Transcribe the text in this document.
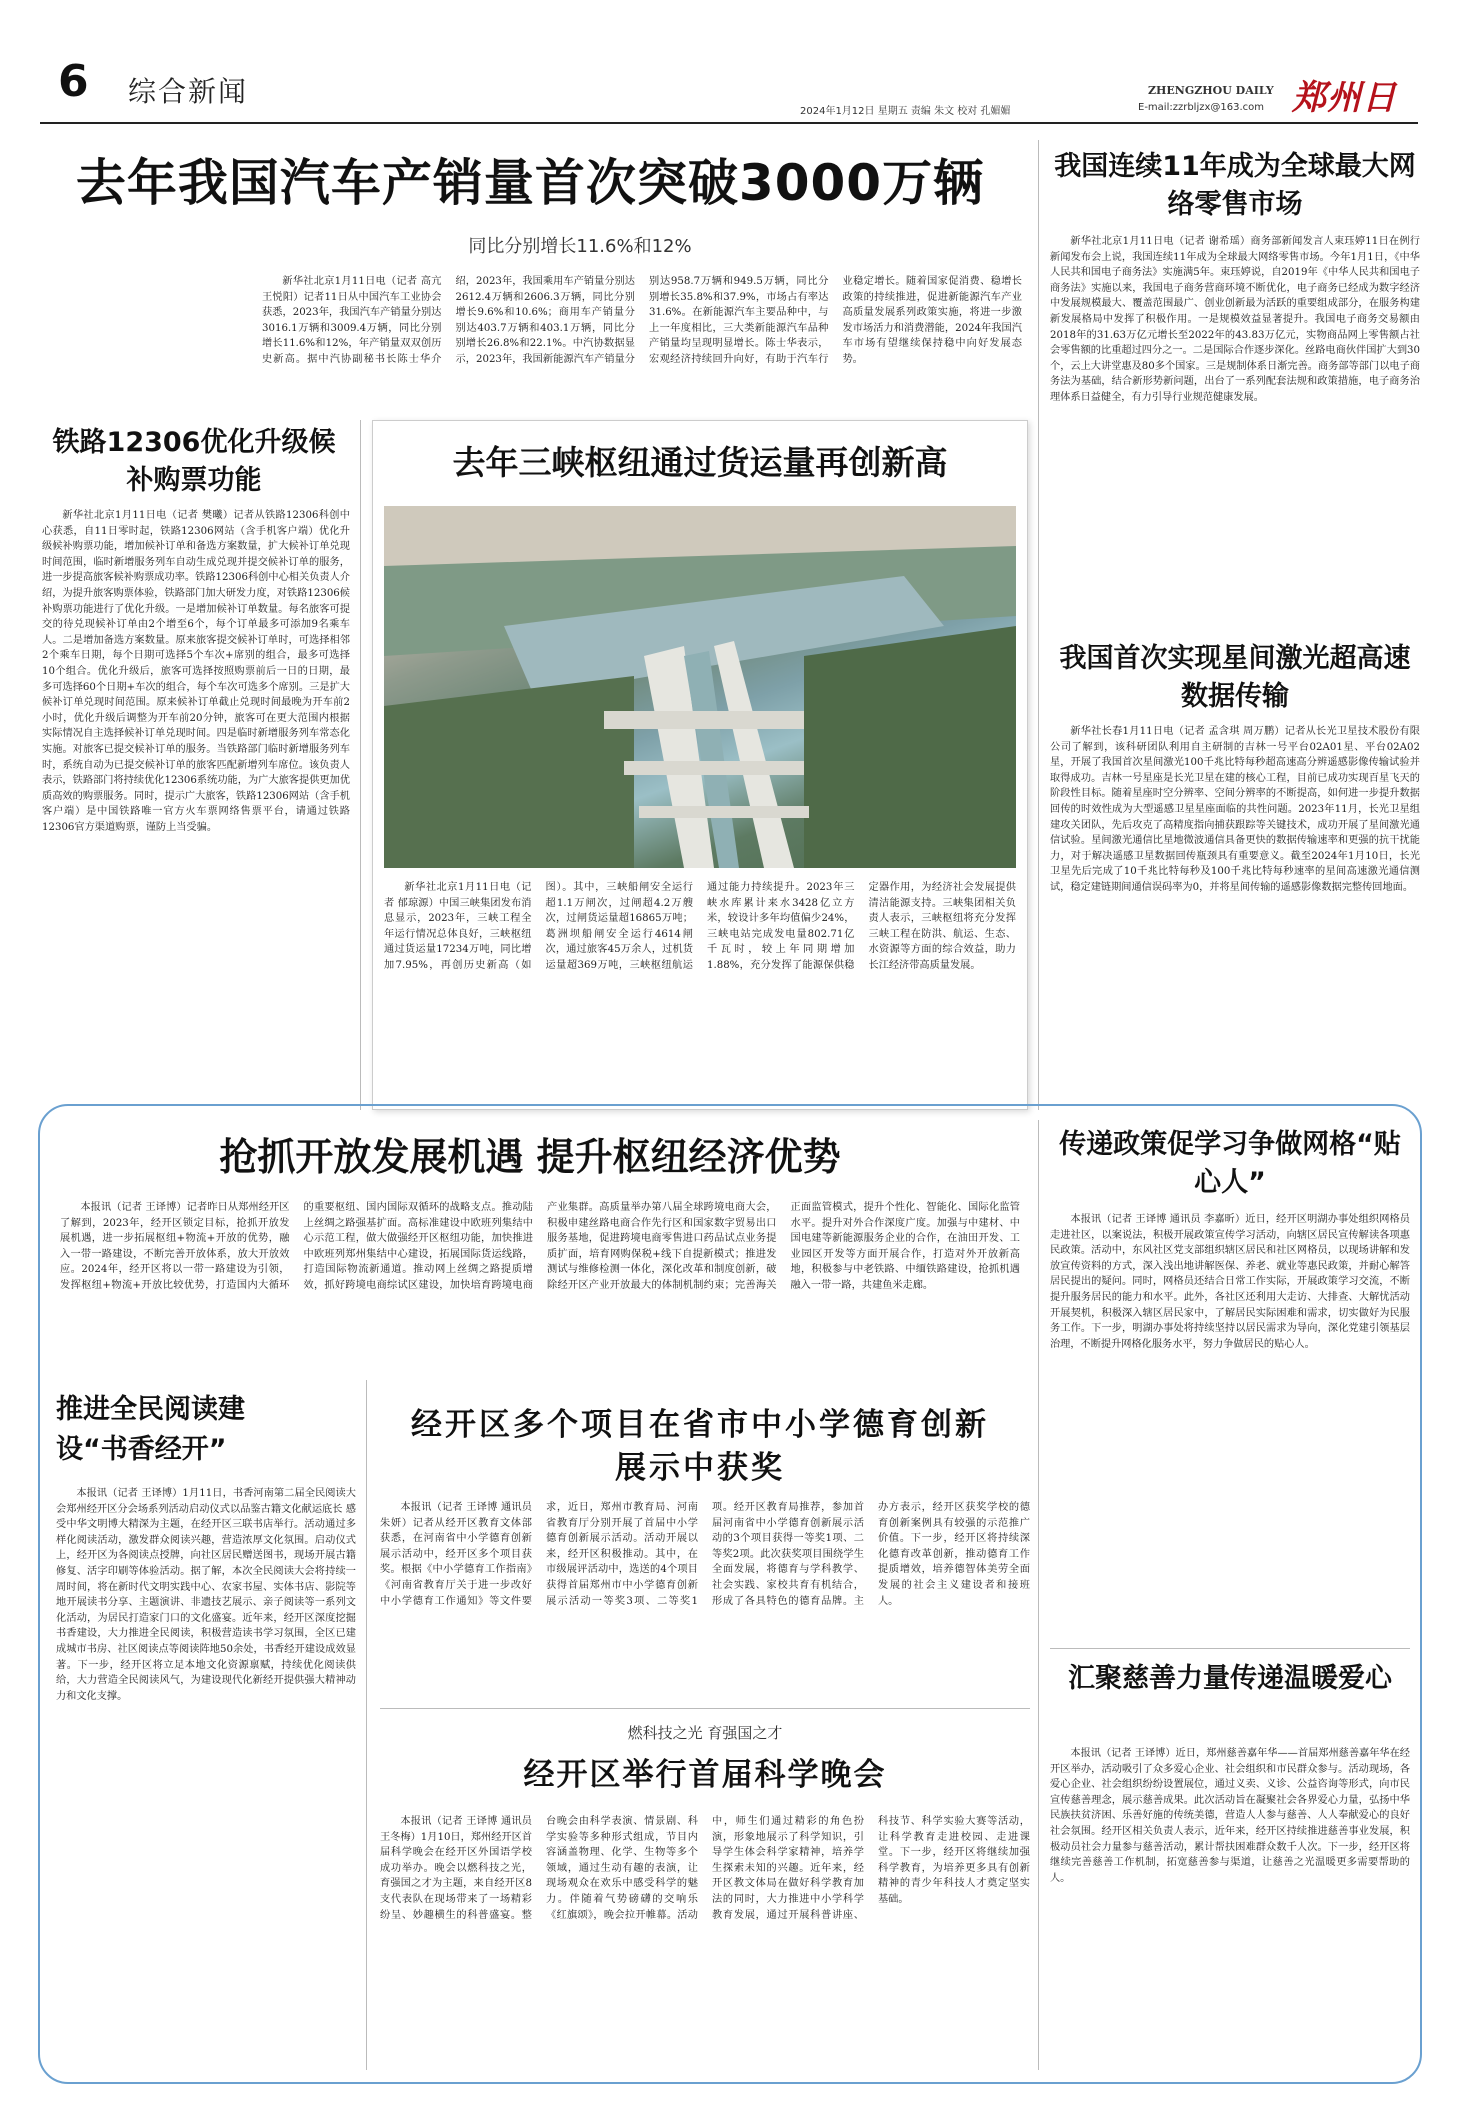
6 综合新闻
2024年1月12日 星期五 责编 朱文 校对 孔媚媚
ZHENGZHOU DAILY
E-mail:zzrbljzx@163.com 郑州日
去年我国汽车产销量首次突破3000万辆
同比分别增长11.6%和12%

新华社北京1月11日电（记者 高亢 王悦阳）记者11日从中国汽车工业协会获悉，2023年，我国汽车产销量分别达3016.1万辆和3009.4万辆，同比分别增长11.6%和12%，年产销量双双创历史新高。据中汽协副秘书长陈士华介绍，2023年，我国乘用车产销量分别达2612.4万辆和2606.3万辆，同比分别增长9.6%和10.6%；商用车产销量分别达403.7万辆和403.1万辆，同比分别增长26.8%和22.1%。中汽协数据显示，2023年，我国新能源汽车产销量分别达958.7万辆和949.5万辆，同比分别增长35.8%和37.9%，市场占有率达31.6%。在新能源汽车主要品种中，与上一年度相比，三大类新能源汽车品种产销量均呈现明显增长。陈士华表示，宏观经济持续回升向好，有助于汽车行业稳定增长。随着国家促消费、稳增长政策的持续推进，促进新能源汽车产业高质量发展系列政策实施，将进一步激发市场活力和消费潜能，2024年我国汽车市场有望继续保持稳中向好发展态势。

铁路12306优化升级候补购票功能

新华社北京1月11日电（记者 樊曦）记者从铁路12306科创中心获悉，自11日零时起，铁路12306网站（含手机客户端）优化升级候补购票功能，增加候补订单和备选方案数量，扩大候补订单兑现时间范围，临时新增服务列车自动生成兑现并提交候补订单的服务，进一步提高旅客候补购票成功率。铁路12306科创中心相关负责人介绍，为提升旅客购票体验，铁路部门加大研发力度，对铁路12306候补购票功能进行了优化升级。一是增加候补订单数量。每名旅客可提交的待兑现候补订单由2个增至6个，每个订单最多可添加9名乘车人。二是增加备选方案数量。原来旅客提交候补订单时，可选择相邻2个乘车日期，每个日期可选择5个车次+席别的组合，最多可选择10个组合。优化升级后，旅客可选择按照购票前后一日的日期，最多可选择60个日期+车次的组合，每个车次可选多个席别。三是扩大候补订单兑现时间范围。原来候补订单截止兑现时间最晚为开车前2小时，优化升级后调整为开车前20分钟，旅客可在更大范围内根据实际情况自主选择候补订单兑现时间。四是临时新增服务列车常态化实施。对旅客已提交候补订单的服务。当铁路部门临时新增服务列车时，系统自动为已提交候补订单的旅客匹配新增列车席位。该负责人表示，铁路部门将持续优化12306系统功能，为广大旅客提供更加优质高效的购票服务。同时，提示广大旅客，铁路12306网站（含手机客户端）是中国铁路唯一官方火车票网络售票平台，请通过铁路12306官方渠道购票，谨防上当受骗。

去年三峡枢纽通过货运量再创新高

新华社北京1月11日电（记者 郁琼源）中国三峡集团发布消息显示，2023年，三峡工程全年运行情况总体良好，三峡枢纽通过货运量17234万吨，同比增加7.95%，再创历史新高（如图）。其中，三峡船闸安全运行超1.1万闸次，过闸超4.2万艘次，过闸货运量超16865万吨；葛洲坝船闸安全运行4614闸次，通过旅客45万余人，过机货运量超369万吨，三峡枢纽航运通过能力持续提升。2023年三峡水库累计来水3428亿立方米，较设计多年均值偏少24%，三峡电站完成发电量802.71亿千瓦时，较上年同期增加1.88%，充分发挥了能源保供稳定器作用，为经济社会发展提供清洁能源支持。三峡集团相关负责人表示，三峡枢纽将充分发挥三峡工程在防洪、航运、生态、水资源等方面的综合效益，助力长江经济带高质量发展。

我国连续11年成为全球最大网络零售市场

新华社北京1月11日电（记者 谢希瑶）商务部新闻发言人束珏婷11日在例行新闻发布会上说，我国连续11年成为全球最大网络零售市场。今年1月1日，《中华人民共和国电子商务法》实施满5年。束珏婷说，自2019年《中华人民共和国电子商务法》实施以来，我国电子商务营商环境不断优化，电子商务已经成为数字经济中发展规模最大、覆盖范围最广、创业创新最为活跃的重要组成部分，在服务构建新发展格局中发挥了积极作用。一是规模效益显著提升。我国电子商务交易额由2018年的31.63万亿元增长至2022年的43.83万亿元，实物商品网上零售额占社会零售额的比重超过四分之一。二是国际合作逐步深化。丝路电商伙伴国扩大到30个，云上大讲堂惠及80多个国家。三是规制体系日渐完善。商务部等部门以电子商务法为基础，结合新形势新问题，出台了一系列配套法规和政策措施，电子商务治理体系日益健全，有力引导行业规范健康发展。

我国首次实现星间激光超高速数据传输

新华社长春1月11日电（记者 孟含琪 周万鹏）记者从长光卫星技术股份有限公司了解到，该科研团队利用自主研制的吉林一号平台02A01星、平台02A02星，开展了我国首次星间激光100千兆比特每秒超高速高分辨遥感影像传输试验并取得成功。吉林一号星座是长光卫星在建的核心工程，目前已成功实现百星飞天的阶段性目标。随着星座时空分辨率、空间分辨率的不断提高，如何进一步提升数据回传的时效性成为大型遥感卫星星座面临的共性问题。2023年11月，长光卫星组建攻关团队，先后攻克了高精度指向捕获跟踪等关键技术，成功开展了星间激光通信试验。星间激光通信比星地微波通信具备更快的数据传输速率和更强的抗干扰能力，对于解决遥感卫星数据回传瓶颈具有重要意义。截至2024年1月10日，长光卫星先后完成了10千兆比特每秒及100千兆比特每秒速率的星间高速激光通信测试，稳定建链期间通信误码率为0，并将星间传输的遥感影像数据完整传回地面。

抢抓开放发展机遇 提升枢纽经济优势

本报讯（记者 王译博）记者昨日从郑州经开区了解到，2023年，经开区锁定目标，抢抓开放发展机遇，进一步拓展枢纽+物流+开放的优势，融入一带一路建设，不断完善开放体系，放大开放效应。2024年，经开区将以一带一路建设为引领，发挥枢纽+物流+开放比较优势，打造国内大循环的重要枢纽、国内国际双循环的战略支点。推动陆上丝绸之路强基扩面。高标准建设中欧班列集结中心示范工程，做大做强经开区枢纽功能，加快推进中欧班列郑州集结中心建设，拓展国际货运线路，打造国际物流新通道。推动网上丝绸之路提质增效，抓好跨境电商综试区建设，加快培育跨境电商产业集群。高质量举办第八届全球跨境电商大会，积极申建丝路电商合作先行区和国家数字贸易出口服务基地，促进跨境电商零售进口药品试点业务提质扩面，培育网购保税+线下自提新模式；推进发测试与维修检测一体化，深化改革和制度创新，破除经开区产业开放最大的体制机制约束；完善海关正面监管模式，提升个性化、智能化、国际化监管水平。提升对外合作深度广度。加强与中建材、中国电建等新能源服务企业的合作，在油田开发、工业园区开发等方面开展合作，打造对外开放新高地，积极参与中老铁路、中缅铁路建设，抢抓机遇融入一带一路，共建鱼米走廊。

推进全民阅读建设“书香经开”

本报讯（记者 王译博）1月11日，书香河南第二届全民阅读大会郑州经开区分会场系列活动启动仪式以品鉴古籍文化献运底长 感受中华文明博大精深为主题，在经开区三联书店举行。活动通过多样化阅读活动，激发群众阅读兴趣，营造浓厚文化氛围。启动仪式上，经开区为各阅读点授牌，向社区居民赠送图书，现场开展古籍修复、活字印刷等体验活动。据了解，本次全民阅读大会将持续一周时间，将在新时代文明实践中心、农家书屋、实体书店、影院等地开展读书分享、主题演讲、非遗技艺展示、亲子阅读等一系列文化活动，为居民打造家门口的文化盛宴。近年来，经开区深度挖掘书香建设，大力推进全民阅读，积极营造读书学习氛围，全区已建成城市书房、社区阅读点等阅读阵地50余处，书香经开建设成效显著。下一步，经开区将立足本地文化资源禀赋，持续优化阅读供给，大力营造全民阅读风气，为建设现代化新经开提供强大精神动力和文化支撑。

经开区多个项目在省市中小学德育创新展示中获奖

本报讯（记者 王译博 通讯员 朱妍）记者从经开区教育文体部获悉，在河南省中小学德育创新展示活动中，经开区多个项目获奖。根据《中小学德育工作指南》《河南省教育厅关于进一步改好中小学德育工作通知》等文件要求，近日，郑州市教育局、河南省教育厅分别开展了首届中小学德育创新展示活动。活动开展以来，经开区积极推动。其中，在市级展评活动中，选送的4个项目获得首届郑州市中小学德育创新展示活动一等奖3项、二等奖1项。经开区教育局推荐，参加首届河南省中小学德育创新展示活动的3个项目获得一等奖1项、二等奖2项。此次获奖项目围绕学生全面发展，将德育与学科教学、社会实践、家校共育有机结合，形成了各具特色的德育品牌。主办方表示，经开区获奖学校的德育创新案例具有较强的示范推广价值。下一步，经开区将持续深化德育改革创新，推动德育工作提质增效，培养德智体美劳全面发展的社会主义建设者和接班人。

燃科技之光 育强国之才
经开区举行首届科学晚会

本报讯（记者 王译博 通讯员 王冬梅）1月10日，郑州经开区首届科学晚会在经开区外国语学校成功举办。晚会以燃科技之光，育强国之才为主题，来自经开区8支代表队在现场带来了一场精彩纷呈、妙趣横生的科普盛宴。整台晚会由科学表演、情景剧、科学实验等多种形式组成，节目内容涵盖物理、化学、生物等多个领域，通过生动有趣的表演，让现场观众在欢乐中感受科学的魅力。伴随着气势磅礴的交响乐《红旗颂》，晚会拉开帷幕。活动中，师生们通过精彩的角色扮演，形象地展示了科学知识，引导学生体会科学家精神，培养学生探索未知的兴趣。近年来，经开区教文体局在做好科学教育加法的同时，大力推进中小学科学教育发展，通过开展科普讲座、科技节、科学实验大赛等活动，让科学教育走进校园、走进课堂。下一步，经开区将继续加强科学教育，为培养更多具有创新精神的青少年科技人才奠定坚实基础。

传递政策促学习争做网格“贴心人”

本报讯（记者 王译博 通讯员 李嘉昕）近日，经开区明湖办事处组织网格员走进社区，以案说法，积极开展政策宣传学习活动，向辖区居民宣传解读各项惠民政策。活动中，东风社区党支部组织辖区居民和社区网格员，以现场讲解和发放宣传资料的方式，深入浅出地讲解医保、养老、就业等惠民政策，并耐心解答居民提出的疑问。同时，网格员还结合日常工作实际，开展政策学习交流，不断提升服务居民的能力和水平。此外，各社区还利用大走访、大排查、大解忧活动开展契机，积极深入辖区居民家中，了解居民实际困难和需求，切实做好为民服务工作。下一步，明湖办事处将持续坚持以居民需求为导向，深化党建引领基层治理，不断提升网格化服务水平，努力争做居民的贴心人。

汇聚慈善力量传递温暖爱心

本报讯（记者 王译博）近日，郑州慈善嘉年华——首届郑州慈善嘉年华在经开区举办，活动吸引了众多爱心企业、社会组织和市民群众参与。活动现场，各爱心企业、社会组织纷纷设置展位，通过义卖、义诊、公益咨询等形式，向市民宣传慈善理念，展示慈善成果。此次活动旨在凝聚社会各界爱心力量，弘扬中华民族扶贫济困、乐善好施的传统美德，营造人人参与慈善、人人奉献爱心的良好社会氛围。经开区相关负责人表示，近年来，经开区持续推进慈善事业发展，积极动员社会力量参与慈善活动，累计帮扶困难群众数千人次。下一步，经开区将继续完善慈善工作机制，拓宽慈善参与渠道，让慈善之光温暖更多需要帮助的人。
